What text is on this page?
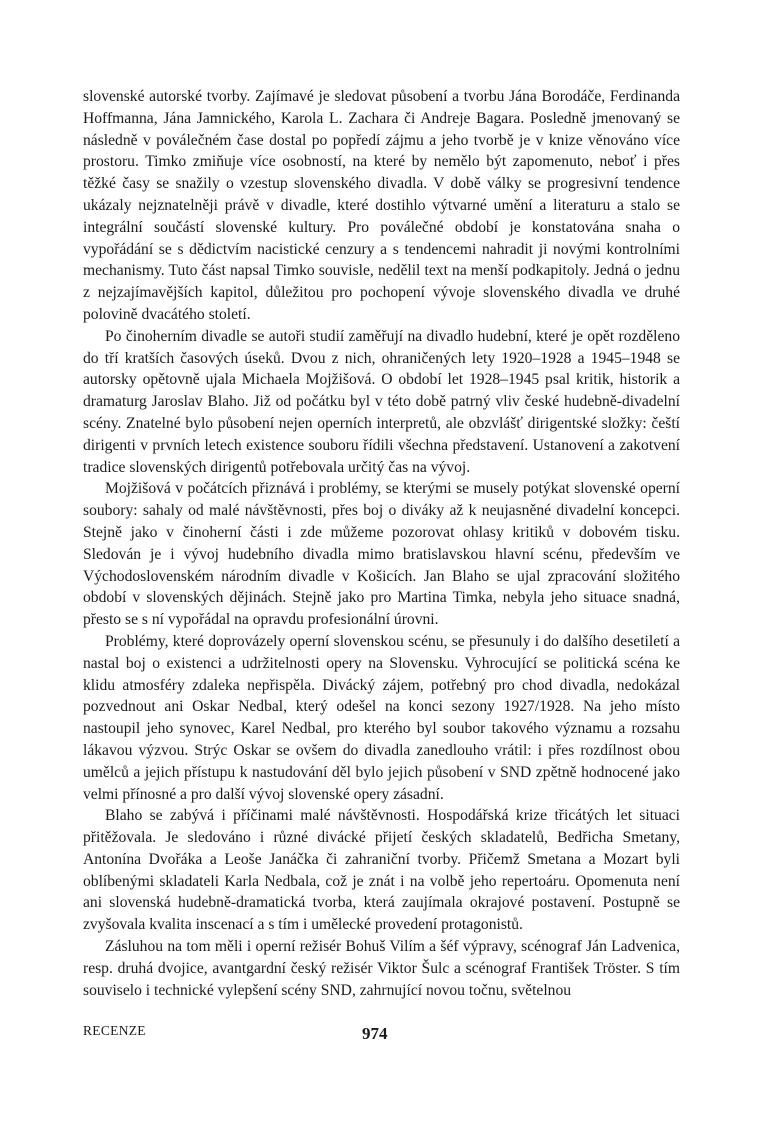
slovenské autorské tvorby. Zajímavé je sledovat působení a tvorbu Jána Borodáče, Ferdinanda Hoffmanna, Jána Jamnického, Karola L. Zachara či Andreje Bagara. Posledně jmenovaný se následně v poválečném čase dostal po popředí zájmu a jeho tvorbě je v knize věnováno více prostoru. Timko zmiňuje více osobností, na které by nemělo být zapomenuto, neboť i přes těžké časy se snažily o vzestup slovenského divadla. V době války se progresivní tendence ukázaly nejznatelněji právě v divadle, které dostihlo výtvarné umění a literaturu a stalo se integrální součástí slovenské kultury. Pro poválečné období je konstatována snaha o vypořádání se s dědictvím nacistické cenzury a s tendencemi nahradit ji novými kontrolními mechanismy. Tuto část napsal Timko souvisle, nedělil text na menší podkapitoly. Jedná o jednu z nejzajímavějších kapitol, důležitou pro pochopení vývoje slovenského divadla ve druhé polovině dvacátého století.

Po činoherním divadle se autoři studií zaměřují na divadlo hudební, které je opět rozděleno do tří kratších časových úseků. Dvou z nich, ohraničených lety 1920–1928 a 1945–1948 se autorsky opětovně ujala Michaela Mojžišová. O období let 1928–1945 psal kritik, historik a dramaturg Jaroslav Blaho. Již od počátku byl v této době patrný vliv české hudebně-divadelní scény. Znatelné bylo působení nejen operních interpretů, ale obzvlášť dirigentské složky: čeští dirigenti v prvních letech existence souboru řídili všechna představení. Ustanovení a zakotvení tradice slovenských dirigentů potřebovala určitý čas na vývoj.

Mojžišová v počátcích přiznává i problémy, se kterými se musely potýkat slovenské operní soubory: sahaly od malé návštěvnosti, přes boj o diváky až k neujasněné divadelní koncepci. Stejně jako v činoherní části i zde můžeme pozorovat ohlasy kritiků v dobovém tisku. Sledován je i vývoj hudebního divadla mimo bratislavskou hlavní scénu, především ve Východoslovenském národním divadle v Košicích. Jan Blaho se ujal zpracování složitého období v slovenských dějinách. Stejně jako pro Martina Timka, nebyla jeho situace snadná, přesto se s ní vypořádal na opravdu profesionální úrovni.

Problémy, které doprovázely operní slovenskou scénu, se přesunuly i do dalšího desetiletí a nastal boj o existenci a udržitelnosti opery na Slovensku. Vyhrocující se politická scéna ke klidu atmosféry zdaleka nepřispěla. Divácký zájem, potřebný pro chod divadla, nedokázal pozvednout ani Oskar Nedbal, který odešel na konci sezony 1927/1928. Na jeho místo nastoupil jeho synovec, Karel Nedbal, pro kterého byl soubor takového významu a rozsahu lákavou výzvou. Strýc Oskar se ovšem do divadla zanedlouho vrátil: i přes rozdílnost obou umělců a jejich přístupu k nastudování děl bylo jejich působení v SND zpětně hodnocené jako velmi přínosné a pro další vývoj slovenské opery zásadní.

Blaho se zabývá i příčinami malé návštěvnosti. Hospodářská krize třicátých let situaci přitěžovala. Je sledováno i různé divácké přijetí českých skladatelů, Bedřicha Smetany, Antonína Dvořáka a Leoše Janáčka či zahraniční tvorby. Přičemž Smetana a Mozart byli oblíbenými skladateli Karla Nedbala, což je znát i na volbě jeho repertoáru. Opomenuta není ani slovenská hudebně-dramatická tvorba, která zaujímala okrajové postavení. Postupně se zvyšovala kvalita inscenací a s tím i umělecké provedení protagonistů.

Zásluhou na tom měli i operní režisér Bohuš Vilím a šéf výpravy, scénograf Ján Ladvenica, resp. druhá dvojice, avantgardní český režisér Viktor Šulc a scénograf František Tröster. S tím souviselo i technické vylepšení scény SND, zahrnující novou točnu, světelnou

RECENZE	974
